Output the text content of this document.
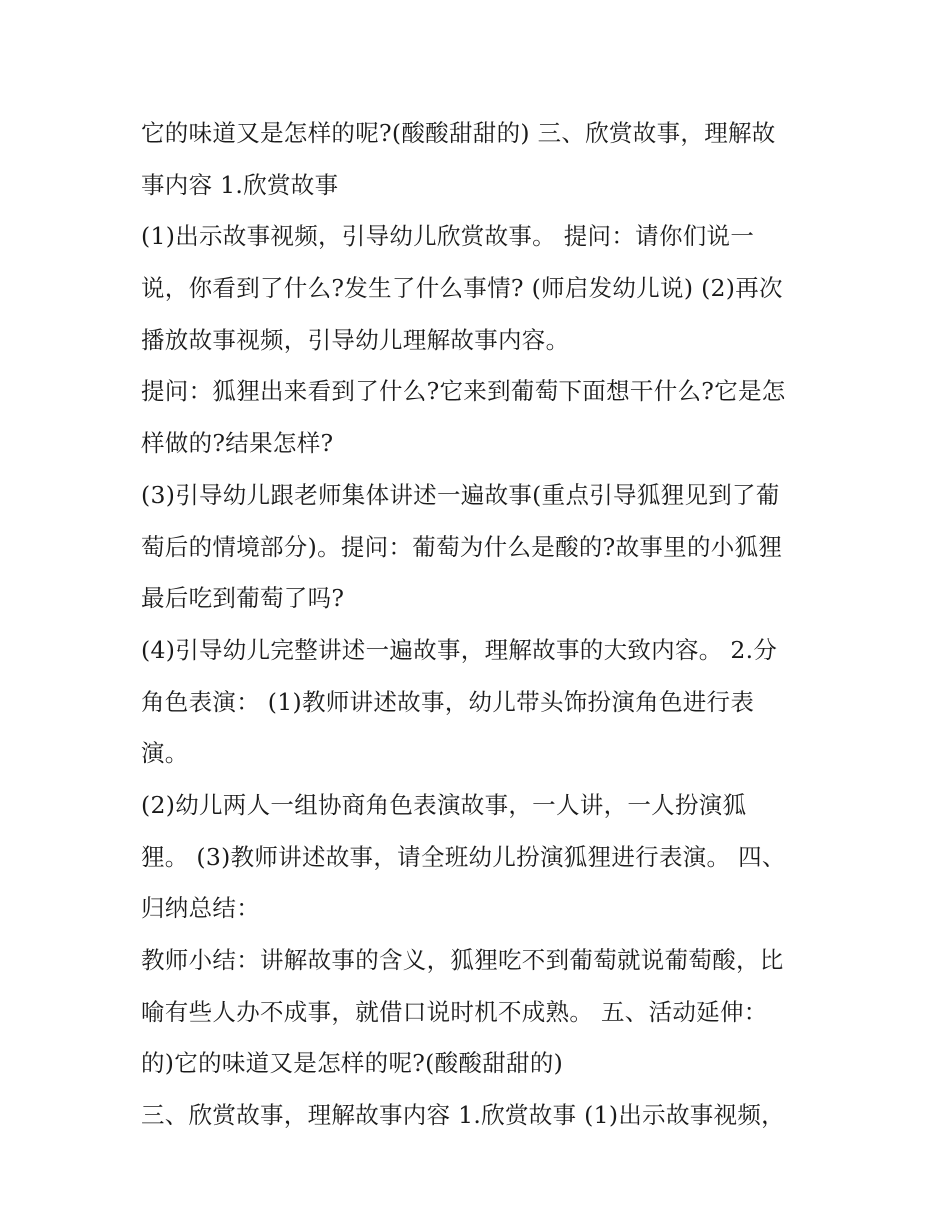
它的味道又是怎样的呢?(酸酸甜甜的) 三、欣赏故事，理解故
事内容 1.欣赏故事
(1)出示故事视频，引导幼儿欣赏故事。 提问：请你们说一
说，你看到了什么?发生了什么事情? (师启发幼儿说) (2)再次
播放故事视频，引导幼儿理解故事内容。
提问：狐狸出来看到了什么?它来到葡萄下面想干什么?它是怎
样做的?结果怎样?
(3)引导幼儿跟老师集体讲述一遍故事(重点引导狐狸见到了葡
萄后的情境部分)。提问：葡萄为什么是酸的?故事里的小狐狸
最后吃到葡萄了吗?
(4)引导幼儿完整讲述一遍故事，理解故事的大致内容。 2.分
角色表演： (1)教师讲述故事，幼儿带头饰扮演角色进行表
演。
(2)幼儿两人一组协商角色表演故事，一人讲，一人扮演狐
狸。 (3)教师讲述故事，请全班幼儿扮演狐狸进行表演。 四、
归纳总结：
教师小结：讲解故事的含义，狐狸吃不到葡萄就说葡萄酸，比
喻有些人办不成事，就借口说时机不成熟。 五、活动延伸：
的)它的味道又是怎样的呢?(酸酸甜甜的)
三、欣赏故事，理解故事内容 1.欣赏故事 (1)出示故事视频，
